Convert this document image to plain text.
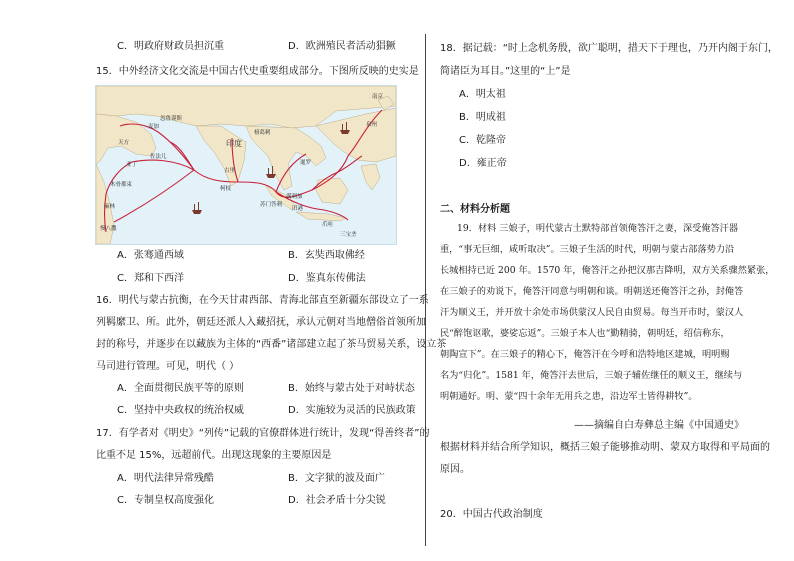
C．明政府财政员担沉重	D．欧洲殖民者活动猖獗
15．中外经济文化交流是中国古代史重要组成部分。下图所反映的史实是
印度
麦加
亚丁
天方
佐法儿
木骨都束
麻林
慢八撒
忽鲁谟斯
古里
柯枝
榜葛剌
满剌加
暹罗
爪哇
旧港
三宝垄
苏门答剌
南京
泉州
A．张骞通西域	B．玄奘西取佛经
C．郑和下西洋	D．鉴真东传佛法
16．明代与蒙古抗衡，在今天甘肃西部、青海北部直至新疆东部设立了一系
列羁縻卫、所。此外，朝廷还派人入藏招抚，承认元朝对当地僧俗首领所加
封的称号，并逐步在以藏族为主体的“西番”诸部建立起了茶马贸易关系，设立茶
马司进行管理。可见，明代（ ）
A．全面贯彻民族平等的原则	B．始终与蒙古处于对峙状态
C．坚持中央政权的统治权威	D．实施较为灵活的民族政策
17．有学者对《明史》“列传”记载的官僚群体进行统计，发现“得善终者”的
比重不足 15%，远超前代。出现这现象的主要原因是
A．明代法律异常残酷	B．文字狱的波及面广
C．专制皇权高度强化	D．社会矛盾十分尖锐
18．据记载：“时上念机务殷，欲广聪明，措天下于理也，乃开内阁于东门，
简诸臣为耳目。”这里的“上”是
A．明太祖
B．明成祖
C．乾隆帝
D．雍正帝
二、材料分析题
19．材料 三娘子，明代蒙古土默特部首领俺答汗之妻，深受俺答汗器
重，“事无巨细，咸听取决”。三娘子生活的时代，明朝与蒙古部落势力沿
长城相持已近 200 年。1570 年，俺答汗之孙把汉那吉降明，双方关系骤然紧张，
在三娘子的劝说下，俺答汗同意与明朝和谈。明朝送还俺答汗之孙，封俺答
汗为顺义王，并开放十余处市场供蒙汉人民自由贸易。每当开市时，蒙汉人
民“醉饱讴歌，婆娑忘返”。三娘子本人也“勤精骑，朝明廷，绍信称东，
朝陶宣下”。在三娘子的精心下，俺答汗在今呼和浩特地区建城，明明赐
名为“归化”。1581 年，俺答汗去世后，三娘子辅佐继任的顺义王，继续与
明朝通好。明、蒙“四十余年无用兵之患，沿边军士皆得耕牧”。
——摘编自白寿彝总主编《中国通史》
根据材料并结合所学知识，概括三娘子能够推动明、蒙双方取得和平局面的
原因。
20．中国古代政治制度
